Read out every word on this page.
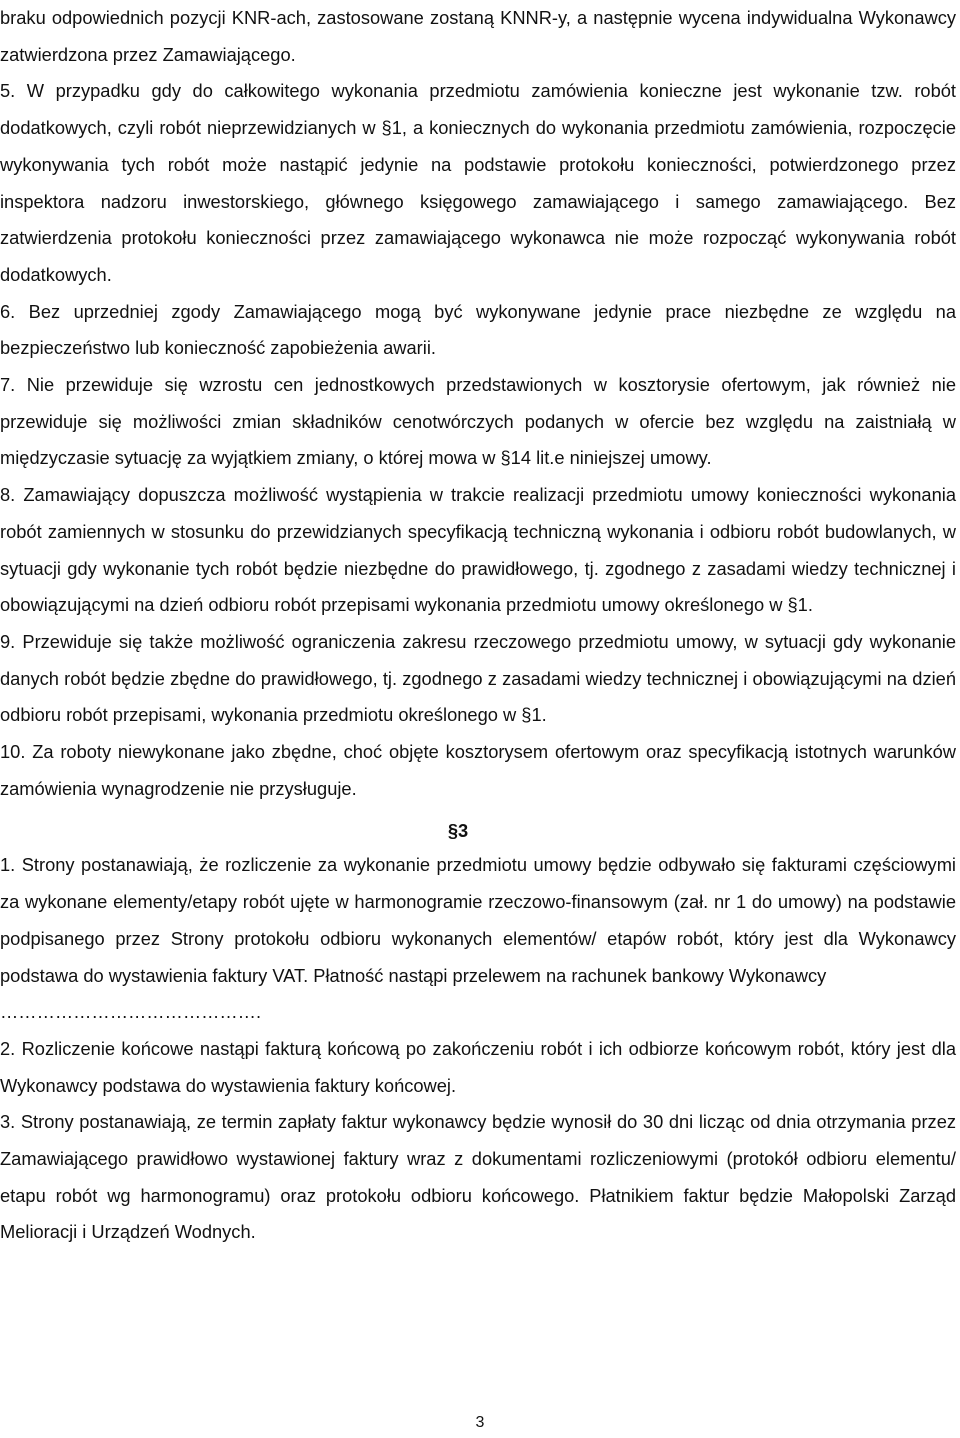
braku odpowiednich pozycji KNR-ach, zastosowane zostaną KNNR-y, a następnie wycena indywidualna Wykonawcy zatwierdzona przez Zamawiającego.

5. W przypadku gdy do całkowitego wykonania przedmiotu zamówienia konieczne jest wykonanie tzw. robót dodatkowych, czyli robót nieprzewidzianych w §1, a koniecznych do wykonania przedmiotu zamówienia, rozpoczęcie wykonywania tych robót może nastąpić jedynie na podstawie protokołu konieczności, potwierdzonego przez inspektora nadzoru inwestorskiego, głównego księgowego zamawiającego i samego zamawiającego. Bez zatwierdzenia protokołu konieczności przez zamawiającego wykonawca nie może rozpocząć wykonywania robót dodatkowych.

6. Bez uprzedniej zgody Zamawiającego mogą być wykonywane jedynie prace niezbędne ze względu na bezpieczeństwo lub konieczność zapobieżenia awarii.

7. Nie przewiduje się wzrostu cen jednostkowych przedstawionych w kosztorysie ofertowym, jak również nie przewiduje się możliwości zmian składników cenotwórczych podanych w ofercie bez względu na zaistniałą w międzyczasie sytuację za wyjątkiem zmiany, o której mowa w §14 lit.e niniejszej umowy.

8. Zamawiający dopuszcza możliwość wystąpienia w trakcie realizacji przedmiotu umowy konieczności wykonania robót zamiennych w stosunku do przewidzianych specyfikacją techniczną wykonania i odbioru robót budowlanych, w sytuacji gdy wykonanie tych robót będzie niezbędne do prawidłowego, tj. zgodnego z zasadami wiedzy technicznej i obowiązującymi na dzień odbioru robót przepisami wykonania przedmiotu umowy określonego w §1.

9. Przewiduje się także możliwość ograniczenia zakresu rzeczowego przedmiotu umowy, w sytuacji gdy wykonanie danych robót będzie zbędne do prawidłowego, tj. zgodnego z zasadami wiedzy technicznej i obowiązującymi na dzień odbioru robót przepisami, wykonania przedmiotu określonego w §1.

10. Za roboty niewykonane jako zbędne, choć objęte kosztorysem ofertowym oraz specyfikacją istotnych warunków zamówienia wynagrodzenie nie przysługuje.

§3

1. Strony postanawiają, że rozliczenie za wykonanie przedmiotu umowy będzie odbywało się fakturami częściowymi za wykonane elementy/etapy robót ujęte w harmonogramie rzeczowo-finansowym (zał. nr 1 do umowy) na podstawie podpisanego przez Strony protokołu odbioru wykonanych elementów/ etapów robót, który jest dla Wykonawcy podstawa do wystawienia faktury VAT. Płatność nastąpi przelewem na rachunek bankowy Wykonawcy

…………………………………….

2. Rozliczenie końcowe nastąpi fakturą końcową po zakończeniu robót i ich odbiorze końcowym robót, który jest dla Wykonawcy podstawa do wystawienia faktury końcowej.

3. Strony postanawiają, ze termin zapłaty faktur wykonawcy będzie wynosił do 30 dni licząc od dnia otrzymania przez Zamawiającego prawidłowo wystawionej faktury wraz z dokumentami rozliczeniowymi (protokół odbioru elementu/ etapu robót wg harmonogramu) oraz protokołu odbioru końcowego. Płatnikiem faktur będzie Małopolski Zarząd Melioracji i Urządzeń Wodnych.

3
